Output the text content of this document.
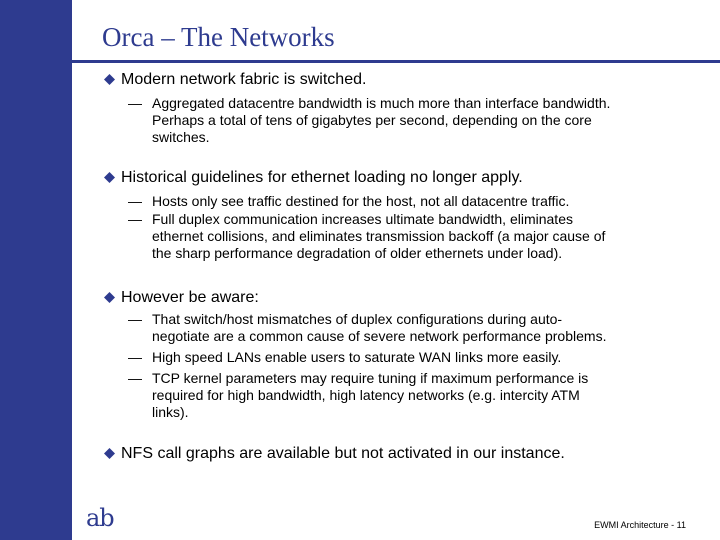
Orca – The Networks
Modern network fabric is switched.
— Aggregated datacentre bandwidth is much more than interface bandwidth.
Perhaps a total of tens of gigabytes per second, depending on the core
switches.
Historical guidelines for ethernet loading no longer apply.
— Hosts only see traffic destined for the host, not all datacentre traffic.
— Full duplex communication increases ultimate bandwidth, eliminates
ethernet collisions, and eliminates transmission backoff (a major cause of
the sharp performance degradation of older ethernets under load).
However be aware:
— That switch/host mismatches of duplex configurations during auto-
negotiate are a common cause of severe network performance problems.
— High speed LANs enable users to saturate WAN links more easily.
— TCP kernel parameters may require tuning if maximum performance is
required for high bandwidth, high latency networks (e.g. intercity ATM
links).
NFS call graphs are available but not activated in our instance.
ab	EWMI Architecture - 11
